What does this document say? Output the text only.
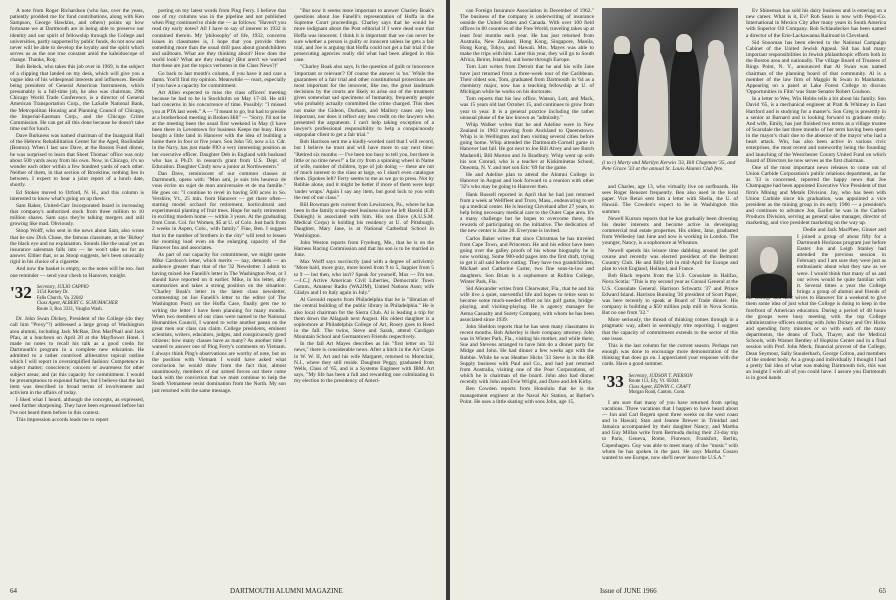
A note from Roger Richardson (who has, over the years, patiently prodded me for fund contributions, along with Ken Sampson, George Hawkins, and others) points up how fortunate we at Dartmouth are in being able to preserve our identity and our spirit of fellowship through the College and universities, partly supported by public funds, do not now and never will be able to develop the loyalty and the spirit which serves us as the one true constant amid the kaleidoscope of change. Thanks, Rog.

Bob Beleck, who takes this job over in 1969, is the subject of a clipping that landed on my desk, which will give you a vague idea of his widespread interests and influences. Beside being president of General American Instruments, which presumably is a full-time job, he also was chairman, 29th Chicago World Trade Conference, is a director of General American Transportation Corp., the LaSalle National Bank, the Metropolitan Housing and Planning Council of Chicago, the Imperial-Eastman Corp., and the Chicago Crime Commission. He can get all this done because he doesn't take time out for lunch.

Dave Burkness was named chairman of the Inaugural Ball of the Hebrew Rehabilitation Center for the Aged, Roslindale (Boston). When I last saw Dave, at the Boston Fund dinner, he was surprised to learn that Sheet Thomas' office was only about 500 yards away from his own. Now, in Chicago, it's no wonder each other within a few hundred yards of each other. Neither of them, in that section of Brookline, nothing lies in between. I expect to hear a joint report of a lunch date, shortly.

Ed Stokes moved to Orford, N. H., and this column is interested to know what's going on up there.

Sam Baker, United-Carr Incorporated board is increasing that company's authorized stock from three million to 10 million shares. Sam says they're talking mergers and still growing like mad. Obviously.

Stoop Wolff, who sent in the news about Sam, also wrote that he saw Dick Chase, the famous classmate, at the 'Birkey' the black eye and no explanation. Sounds like the usual yet an insurance salesman falls into — he won't take no for an answer. Either that, or as Stoop suggests, he's been unusually rigid in his choice of a cigarette.

And now the basket is empty, so the notes will be too. Just one reminder — send your check to Hanover, tonight.

'32 Secretary, JULIO CAPPIO
3154 Kerney Dr.
Falls Church, Va. 22042
Class Agent, ALBERT C. SCHUMACHER
Route 3, Box 3331, Vaughn Wash.

Dr. John Swan Dickey, President of the College (do they call him "Prexy"?) addressed a large group of Washington area alumni, including Jack McRae, Don MacPhail and Jack Pfau, at a luncheon on April 20 at the Mayflower Hotel. I made no notes to recall his talk as a good credo for Dartmouth's program in a complete new education. He admitted to a rather contrived alliterative topical outline which I will report in oversimplified fashion: Competence in subject matter; conscience; concern or awareness for other subject areas; and (at this capacity for commitment. I would be presumptuous to expound further, but I believe that the last item was described in broad terms of involvement and activism in the affairs of today.

I liked what I heard, although the concepts, as expressed, need further sharpening. They have been expressed before but I've not heard them before in this context.

This impression accords leads me to report

porting on my latest words from Ping Ferry. I believe that one of my columns was in the pipeline and not published when Ping continued to chide me — as follows: "Haven't you read my early notes? All I have to say of interest to 1932 is contained therein. My 'philosophy' of life, 1932, concerns issues in classmates is, I hope that you provide them something more than the usual drill pass about grandchildren and sailboats. What are they thinking about? How does the world look? What are they reading? (But aren't we warned that these are just the topics verboten in the Class News?)"

Go back to last month's column, if you have it and care a damn. You'll find my opinion. Meanwhile — react, especially if you have a capacity for commitment.

Art Allen expected to miss the class officers' meeting because he had to be in Stockholm on May 17-18. He still had concerns in his concurrence of time. Possibly: "I missed you at PTA last week." A — "I meant to go, but had to preside at a brotherhood meeting in Broken Hill" — "Sorry. I'll not be at the meeting been the usual first weekend in May (I have been there in Leventown for business Keeps me busy. Have bought a little land in Hanover with the idea of building a home there in four or five years. Son John '56, now a Lt. Cdr. in the Navy, has just made PIO a very interesting position as her executive officer. Daughter Deb in England with husband who has a Ph.D. in research grant from U.S. Dept. of Education. Daughter Cindy now a junior at Northwestern."

Dan Dave, reminiscent of our common classes at Dartmouth, opens with: "Mon ami, je suis très heureux de vous écrire un sujet de mon anniversaire et de ma famille." He goes on: "I continue to revel in having 500 acres in So. Vershire, Vt., 25 min. from Hanover — get there often—starting model orchard for retirement, horticultural and experimental planting of fruit trees. Hope for early retirement in exciting modern home — within 3 years. At the graduating from Conn. Col. for Women, $5 at U. of Colo. Just back from 2 weeks in Aspen, Colo., with family." Fine, Ben. I suggest that in the number of brothers in the city" will tend to lessen the rooming load even on the enlarging capacity of the Hanover Inn and associates.

As part of our capacity for commitment, we might quote Mike Cardozo's letter, which merits — nay, demands — an audience greater than that of the '32 Newsletter. I admit to having mixed Joe Fanelli's letter in The Washington Post, or I should have reported on it earlier. Mike, in his letter, ably summarizes and takes a strong position on the situation: "Charley Boak's letter in the latest class newsletter, commenting on Joe Fanelli's letter to the editor (of The Washington Post) on the Hoffa Case, finally gets me to writing the letter I have been planning for many months. When two members of our class were named to the National Humanities Council, I wanted to write another paean on the great men our class can claim. College presidents, eminent scientists, writers, educators, judges, and conspicuously good citizens: how many classes have as many? As another time I wanted to answer one of Ping Ferry's comments on Vietnam. I always think Ping's observations are worthy of note, but on the position with Vietnam I would have asked what conclusion he would draw from the fact that, almost unanimously, members of our armed forces out there come back with the conviction that we must continue to help the South Vietnamese resist domination from the North. My son just returned with the same message.

"But now it seems more important to answer Charley Boak's questions about Joe Fanelli's representation of Hoffa in the Supreme Court proceedings. Charley says that he would be more indignant about the Post editorial if I were dead sure that Hoffa was innocent. I think it is important that we can never be sure whether a person is guilty or innocent unless he gets a fair trial, and Joe is arguing that Hoffa could not get a fair trial if the prosecuting agencies really did what had been alleged in this case.

"Charley Boak also says, Is the question of guilt or innocence 'important or relevant'? Of course the answer is 'no.' While the guarantees of a fair trial and other constitutional protections are most important for the innocent, like me, the great landmark decisions by the courts are likely to arise out of the treatment given somewhat sad specimens of humanity, frequently people who probably actually committed the crime charged. This does not make the Gideon, Durham, and Mallory cases any less important, nor does it reflect any less credit on the lawyers who presented the arguments. I can't help taking exception of a lawyer's professional responsibility to help a conspicuously unpopular client to get a fair trial."

Bob Harrison sent me a kindly-worded card that I will record, but I believe he must and will have more to say next time: "Retired six months — I've been too busy to tell you, but there is little or no time news!" a far cry from a spinning wheel in Name of wife, number of children, type of job doing — these are not of much interest to the class at large, so I shan't even catalogue them. (Spokes left? Ferry seems to me as we go to press. Not by Robbie alone, and it might be better if more of them were kept 'under wraps.' Again I say any item, but good luck to you with the rest of our class."

Bill Bowman gets current from Lewistown, Pa., where he has been in the family scrap-steel business since he left Harold (E.P. Dukiegh) is associated with him. His son Dave (A.U.S.M. Medical Corps) is holding his residency at U. of Pittsburgh. Daughter, Mary Jane, is at National Cathedral School in Washington.

John Weston reports from Fryeburg, Me., that he is on the Harness Racing Commission and that his son is to be married in June.

Max Wolff says succinctly (and with a degree of activism): "More bald, more gray, more bored from 9 to 5, happier from 5 to 9 — but then, who isn't? Speak for yourself, Max — I'm not.—J.C.] Active American Civil Liberties, Democratic Town Comm., Amateur Radio (WA2JM), United Nations Assn; wife Gladys and I to Italy again in July."

Al Gerould reports from Philadelphia that he is "librarian of the central building of the public library in Philadelphia." He is also local chairman for the Sierra Club. Al is leading a trip for them down the Allagash next August. His oldest daughter is a sophomore at Philadelphia College of Art, Rosey goes to Reed in the fall. The twins, Steve and Sarah, attend Cardigan Mountain School and Germantown Friends respectively.

In the fall Art Mayes describes as his "first letter on '32 news," there is considerable news. After a hitch in the Air Corps in W. W. II, Art and his wife Margaret, returned to Montclair, N.J., where they still reside. Daughter Peggy, graduated from Wells, Class of '65, and is a Systems Engineer with IBM. Art says, "My life has been a full and rewarding one culminating in my election to the presidency of Ameri-

64	DARTMOUTH ALUMNI MAGAZINE

can Foreign Insurance Association in December of 1962." The business of the company is underwriting of insurance outside the United States and Canada. With over 100 field offices in 80 countries of the Free World, traveling takes up at least four months each year. He has just returned from Australia, New Zealand, Hong Kong, Singapore, Manila, Hong Kong, Tokyo, and Hawaii. Mrs. Mayes was able to make the trips with him. Later this year, they will go to South Africa, Beirut, Istanbul, and home through Europe.

Tom Lott writes from Detroit that he and his wife Jane have just returned from a three-week tour of the Caribbean. Their oldest son, Tom, graduated from Dartmouth in '64 as a chemistry major, now has a teaching fellowship at U. of Michigan while he works on his doctorate.

Tom reports that his law office, Watson, Lott, and Mack, was 15 years old last October 15, and continues to grow from year to year. It is a general practice including the rather unusual phase of the law known as "admiralty."

Whip Walker writes that he and Adeline were in New Zealand in 1963 traveling from Auckland to Queenstown. Whip is in Wellington and then visiting several cities before going home. Whip attended the Dartmouth-Cornell game in Hanover last fall. He got next to Joe Bill Alvey and see Butch Madarelli, Bill Morton and Jo Bradbury. Whip went up with his son Conrad, who is a teacher at Kiskiminetas School, Oneonta, N. Y. and met son Eric '69 for the game.

He and Adeline plan to attend the Alumni College in Hanover in August and look forward to a reunion with other '32's who may be going to Hanover then.

Hank Russell reported in April that he had just returned from a week at Wellfleet and Truro, Mass., endeavoring to set up a medical center. He is leaving Cleveland after 27 years, to help bring necessary medical care to the Outer Cape area. It's a many challenge but he hopes to overcome there, the rewards of participating on the initiative. The dedication of the new center is June 26. Everyone is invited.

Carlos Baker writes that since Christmas he has traveled from Cape Town, and Princeton. He and his editor have been going over the galley proofs of his whose biography he is now working. Some 900-odd pages into the first draft, trying to get it all said before cutting. They have two grandchildren, Michael and Catherine Carter, two fine sons-in-law and daughters. Son Brian is a sophomore at Rollins College, Winter Park, Fla.

Sid Alexander writes from Clearwater, Fla., that he and his wife live a quiet, uneventful life and hopes to retire soon to become some much-needed effort on his golf game, bridge-playing, and visiting-playing. He is agency manager for Aetna Casualty and Surety Company, with whom he has been associated since 1939.

John Sheldon reports that he has seen many classmates in recent months. Bob Atherley is their company attorney. John was in Winter Park, Fla., visiting his mother, and while there, Sue and Stevens arranged to have him do a dinner party for Midge and John. He had dinner a few weeks ago with the Robbie. While he was Heather Hicks '33 Steve is in the RR Supply business with Paul and Co., and had just returned from Australia, visiting one of the Poor Corporations, of which he is chairman of the board. John also had dinner recently with John and Evie Wright, and Dave and Jeb Kirby.

Ben Cowden reports from Honolulu that he is the management engineer at the Naval Air Station, at Barber's Point. He uses a little skating with sons John, age 15,

(l to r) Marty and Marilyn Kerwin '33, Bill Chapman '35, and Pete Grace '33 at the annual St. Louis Alumni Club fete.

and Charles, age 13, who virtually live on surfboards. He sees Roger Benezet frequently. Ben also used in the local paper. Vice Renzi sent him a letter with Sheila, the U. of Hawaii. The Cowden's expect to be in Washington this summer.

Newell Kurson reports that he has gradually been divesting his dealer interests and become active in developing commercial real estate properties. His oldest, Jane, graduated from Wellesley last June and now is working in London. The younger, Nancy, is a sophomore at Wheaton.

Newell spends his leisure time dabbling around the golf course and recently was elected president of the Belmont Country Club. He and Billy left in mid-April for Europe and plan to visit England, Holland, and France.

Bob Black reports from the U.S. Consulate in Halifax, Nova Scotia: "This is my second year as Consul General at the U.S. Consulate General. Harrison Schwartz '37 and Prince Edward Island. Harrison Bunning '36 president of Scott Paper, was here recently to speak at Board of Trade dinner. His company is building a $50 million pulp mill in Nova Scotia. But no one from '32."

More seriously, the thread of thinking comes through in a pragmatic way, albeit in seemingly trite reporting. I suggest that the capacity of commitment extends to the sector of this one issue.

This is the last column for the current season. Perhaps not enough was done to encourage more demonstration of the thinking that does go on. I appreciated your response with the cards. Have a good summer.

'33 Secretary, JUDSON T. PIERSON
Route 113, Ely, Vt. 05044
Class Agent, EDWIN C. CRAFT
Morgan Road, Canton, Conn.

I am sure that many of you have returned from spring vacations. Three vacations that I happen to have heard about — Jon and Carl Regem spent three weeks on the west coast and in Hawaii; Stan and Jeanne Brewer in Trinidad and Jamaica accompanied by their daughter Nancy; and Martha and Guy Millan write from Bermuda during their 23-day trip to Paris, Geneva, Rome, Florence, Frankfort, Berlin, Copenhagen. Guy was able to meet many of the "music" with whom he has spoken in the past. He says Martha Cosaro wanted to see Europe, now she'll never leave the U.S.A."

Ev Shineman has sold his dairy business and is entering on a new career. What is it, Ev? Rob Sears is now with Pepsi-Co. International in Mexico City after many years in South America with Superior Oil Company. Bob Schlaudecker has been named a director of the Erie-Lackawanna Railroad in Cleveland.

Sid Snooman has been elected to the National Campaign Cabinet of the United Jewish Appeal. Sid has had many important responsibilities in Jewish philanthropic efforts both in the Boston area and nationally. The village Board of Trustees of Rings Point, N. Y., announced that Al Swan was named chairman of the planning board of that community. Al is a member of the law firm of Maggin & Swan in Manhattan. Appearing on a panel at Lake Forest College to discuss 'Opportunities in Film' was State Senator Robert Coulson.

In a letter to Wes, Win Hobbs tells a bit about his family. Son David '65, is a mechanical engineer at Pratt & Whitney in East Hartford and is studying for a master's. Son Greg is presently in a senior at Barnard and is looking forward to graduate study. And wife, Emily, has just finished two terms as a village trustee of Scarsdale the last three months of her term having been spent in the mayor's chair due to the absence of the mayor who had a heart attack. Win, has also been active in various civic enterprises, the most recent and noteworthy being the founding and launching of the Westchester County United Fund on which Board of Directors he now serves as the first chairman.

One of the most important news releases to come out of Union Carbide Corporation's public relations department, as far as '33 is concerned, reported the happy news that Joe Champagne had been appointed Executive Vice President of that firm's Mining and Metals Division. Jay, who has been with Union Carbide since his graduation, was appointed a vice president as the mining group in its early 1966 — a president's and continues to advance Joe, Earlier he was in the Carbon Products Division, serving as general sales manager, director of marketing, and vice president marketing on the way up.

Dodie and Jack MacPhee, Ginner and I joined a group of about fifty for a Dartmouth Horizons program just before Easter. Jus and Leigh Stanley had attended the previous session in February and I am sure they were just as enthusiastic about what they saw as we were. I would think that many of us and our wives would be quite familiar with it. Several times a year the College brings a group of alumni and friends of the College and their wives to Hanover for a weekend to give them some idea of just what the College is doing to keep in the forefront of American education. During a period of 48 hours the groups were busy meeting with the top College administrative officers starting with John Dickey and Orr Hicks and spending forty minutes or so with each of the many departments, the deans of Tuck, Thayer, and the Medical Schools, with Warner Bentley of Hopkins Center and in a final session with Prof. John Meck, financial provost of the College, Dean Seymour, Sally Stauderbach, George Colton, and members of the student body. As a group and individually I thought I had a pretty fair idea of what was making Dartmouth tick, this was an insight I wish all of you could have. I assure you Dartmouth is in good hands

Issue of JUNE 1966	65
